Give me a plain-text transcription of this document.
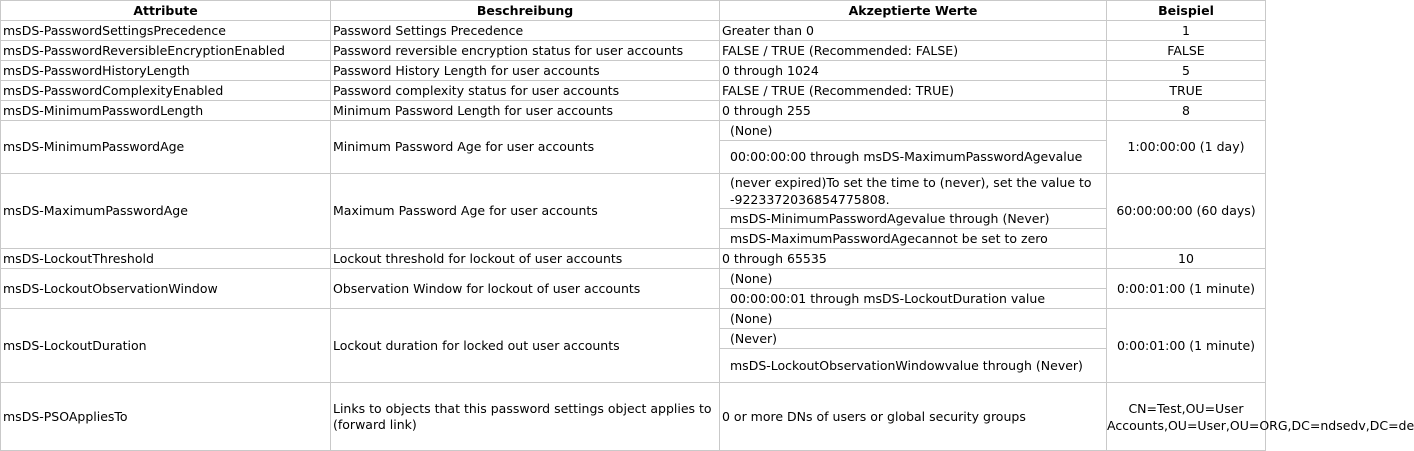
Attribute	Beschreibung	Akzeptierte Werte	Beispiel
msDS-PasswordSettingsPrecedence	Password Settings Precedence	Greater than 0	1
msDS-PasswordReversibleEncryptionEnabled	Password reversible encryption status for user accounts	FALSE / TRUE (Recommended: FALSE)	FALSE
msDS-PasswordHistoryLength	Password History Length for user accounts	0 through 1024	5
msDS-PasswordComplexityEnabled	Password complexity status for user accounts	FALSE / TRUE (Recommended: TRUE)	TRUE
msDS-MinimumPasswordLength	Minimum Password Length for user accounts	0 through 255	8
msDS-MinimumPasswordAge	Minimum Password Age for user accounts	(None)	1:00:00:00 (1 day)
		00:00:00:00 through msDS-MaximumPasswordAgevalue	
msDS-MaximumPasswordAge	Maximum Password Age for user accounts	(never expired)To set the time to (never), set the value to -9223372036854775808.	60:00:00:00 (60 days)
		msDS-MinimumPasswordAgevalue through (Never)	
		msDS-MaximumPasswordAgecannot be set to zero	
msDS-LockoutThreshold	Lockout threshold for lockout of user accounts	0 through 65535	10
msDS-LockoutObservationWindow	Observation Window for lockout of user accounts	(None)	0:00:01:00 (1 minute)
		00:00:00:01 through msDS-LockoutDuration value	
msDS-LockoutDuration	Lockout duration for locked out user accounts	(None)	0:00:01:00 (1 minute)
		(Never)	
		msDS-LockoutObservationWindowvalue through (Never)	
msDS-PSOAppliesTo	Links to objects that this password settings object applies to (forward link)	0 or more DNs of users or global security groups	CN=Test,OU=User Accounts,OU=User,OU=ORG,DC=ndsedv,DC=de
